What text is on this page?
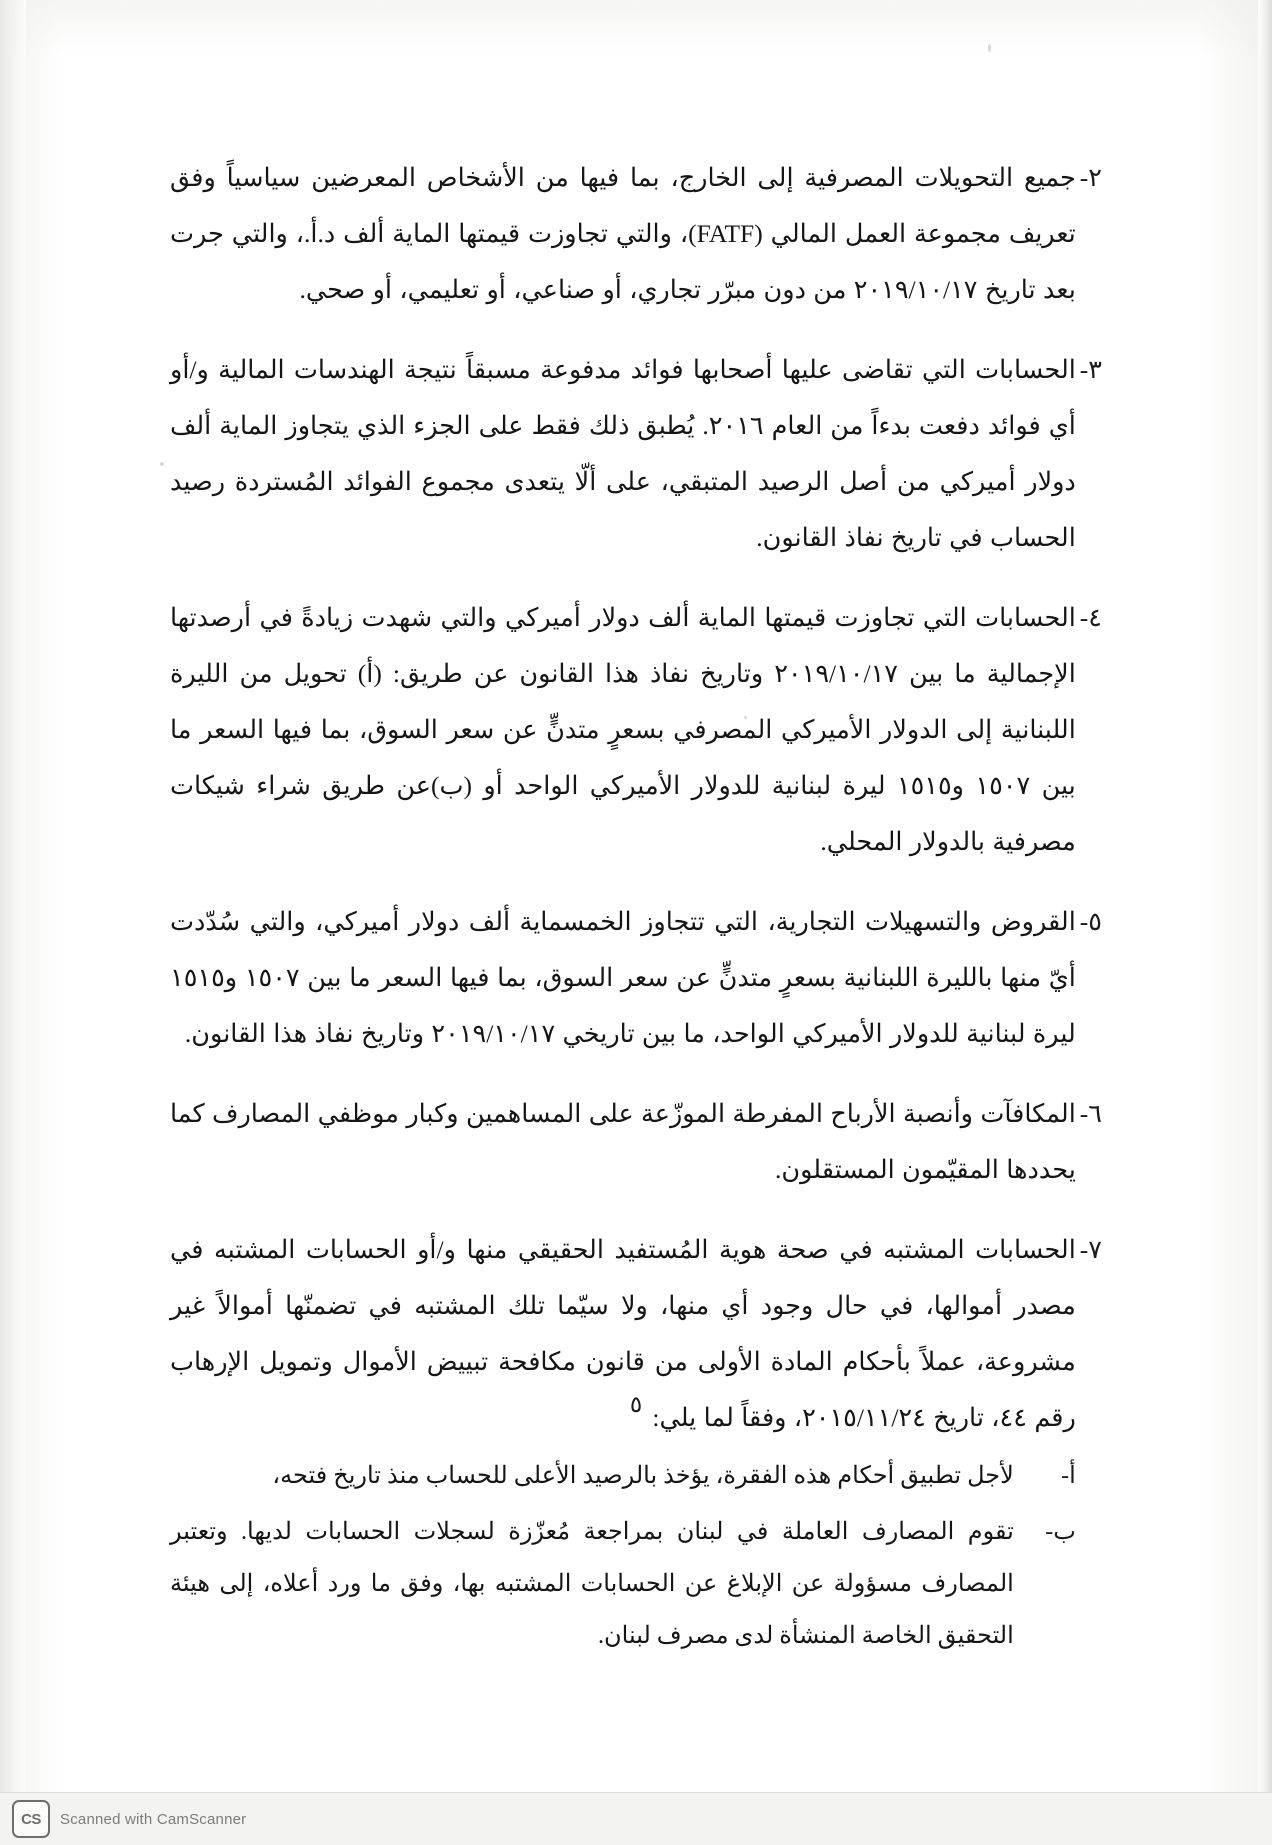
٢-
جميع التحويلات المصرفية إلى الخارج، بما فيها من الأشخاص المعرضين سياسياً وفق تعريف مجموعة العمل المالي (FATF)، والتي تجاوزت قيمتها الماية ألف د.أ.، والتي جرت بعد تاريخ ٢٠١٩/١٠/١٧ من دون مبرّر تجاري، أو صناعي، أو تعليمي، أو صحي.
٣-
الحسابات التي تقاضى عليها أصحابها فوائد مدفوعة مسبقاً نتيجة الهندسات المالية و/أو أي فوائد دفعت بدءاً من العام ٢٠١٦. يُطبق ذلك فقط على الجزء الذي يتجاوز الماية ألف دولار أميركي من أصل الرصيد المتبقي، على ألّا يتعدى مجموع الفوائد المُستردة رصيد الحساب في تاريخ نفاذ القانون.
٤-
الحسابات التي تجاوزت قيمتها الماية ألف دولار أميركي والتي شهدت زيادةً في أرصدتها الإجمالية ما بين ٢٠١٩/١٠/١٧ وتاريخ نفاذ هذا القانون عن طريق: (أ) تحويل من الليرة اللبنانية إلى الدولار الأميركي المصرفي بسعرٍ متدنٍّ عن سعر السوق، بما فيها السعر ما بين ١٥٠٧ و١٥١٥ ليرة لبنانية للدولار الأميركي الواحد أو (ب)عن طريق شراء شيكات مصرفية بالدولار المحلي.
٥-
القروض والتسهيلات التجارية، التي تتجاوز الخمسماية ألف دولار أميركي، والتي سُدّدت أيّ منها بالليرة اللبنانية بسعرٍ متدنٍّ عن سعر السوق، بما فيها السعر ما بين ١٥٠٧ و١٥١٥ ليرة لبنانية للدولار الأميركي الواحد، ما بين تاريخي ٢٠١٩/١٠/١٧ وتاريخ نفاذ هذا القانون.
٦-
المكافآت وأنصبة الأرباح المفرطة الموزّعة على المساهمين وكبار موظفي المصارف كما يحددها المقيّمون المستقلون.
٧-
الحسابات المشتبه في صحة هوية المُستفيد الحقيقي منها و/أو الحسابات المشتبه في مصدر أموالها، في حال وجود أي منها، ولا سيّما تلك المشتبه في تضمنّها أموالاً غير مشروعة، عملاً بأحكام المادة الأولى من قانون مكافحة تبييض الأموال وتمويل الإرهاب رقم ٤٤، تاريخ ٢٠١٥/١١/٢٤، وفقاً لما يلي:
أ-
لأجل تطبيق أحكام هذه الفقرة، يؤخذ بالرصيد الأعلى للحساب منذ تاريخ فتحه،
ب-
تقوم المصارف العاملة في لبنان بمراجعة مُعزّزة لسجلات الحسابات لديها. وتعتبر المصارف مسؤولة عن الإبلاغ عن الحسابات المشتبه بها، وفق ما ورد أعلاه، إلى هيئة التحقيق الخاصة المنشأة لدى مصرف لبنان.
٥
CS	Scanned with CamScanner
